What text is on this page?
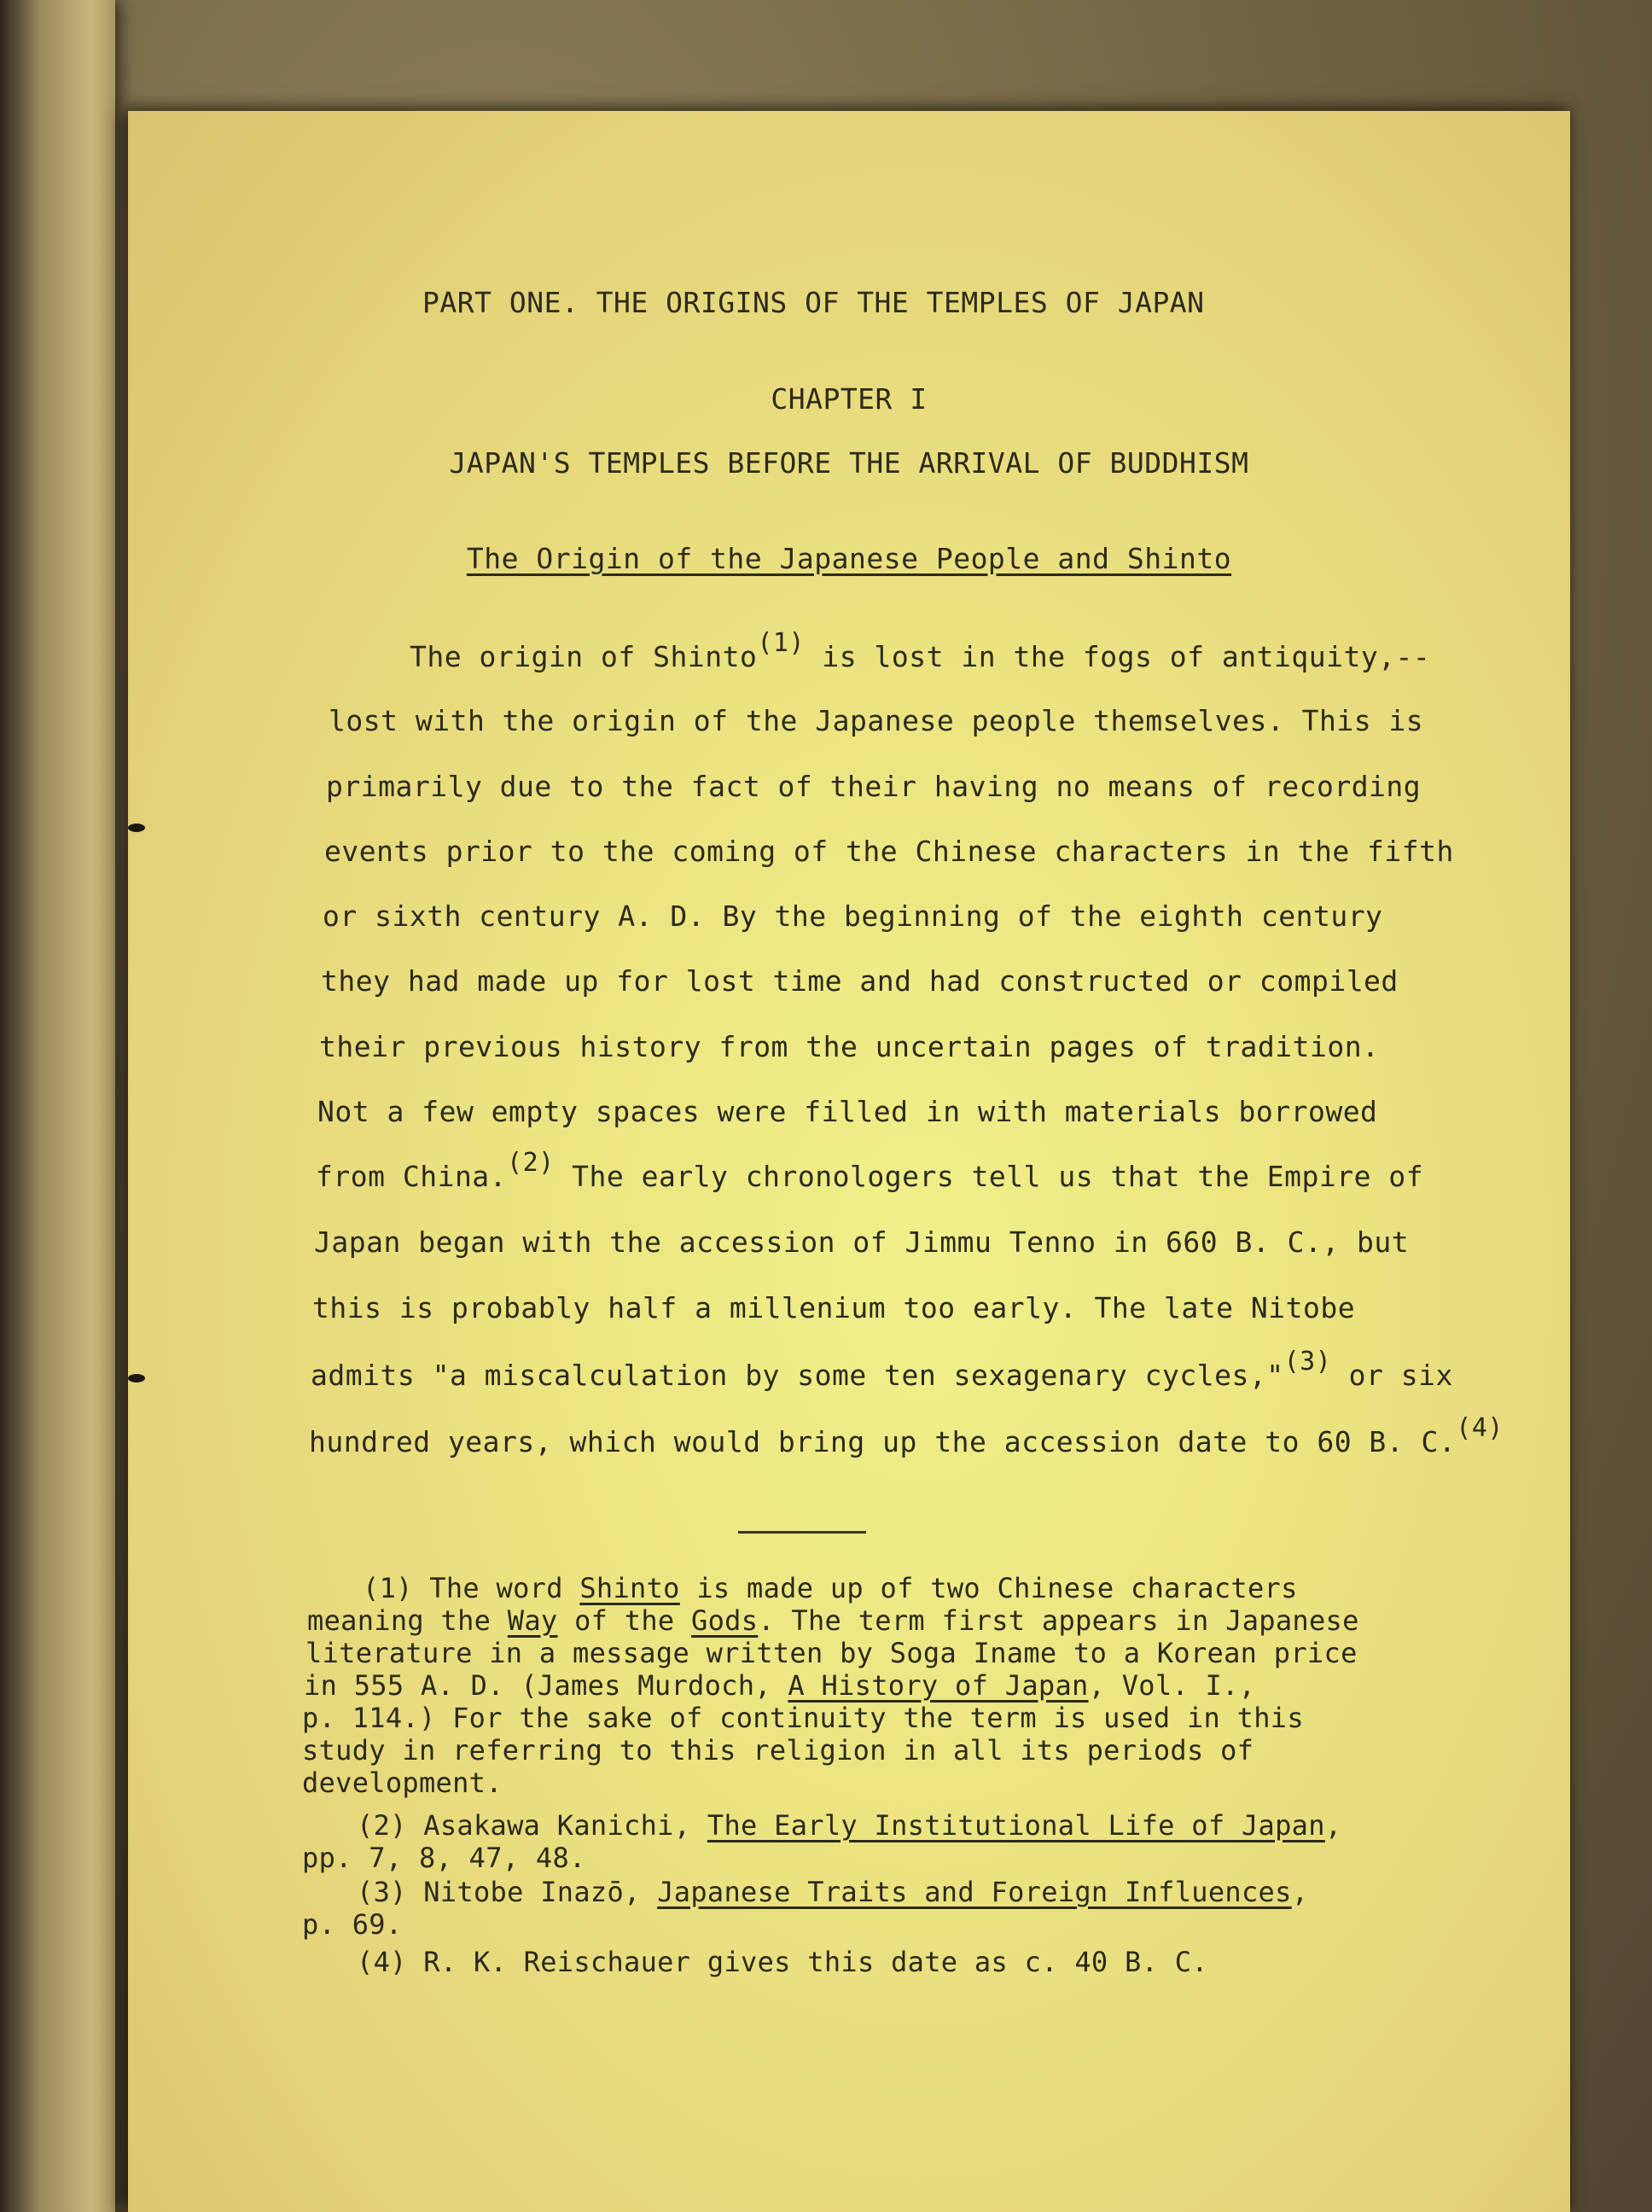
PART ONE. THE ORIGINS OF THE TEMPLES OF JAPAN
CHAPTER I
JAPAN'S TEMPLES BEFORE THE ARRIVAL OF BUDDHISM
The Origin of the Japanese People and Shinto
The origin of Shinto(1) is lost in the fogs of antiquity,--
lost with the origin of the Japanese people themselves. This is
primarily due to the fact of their having no means of recording
events prior to the coming of the Chinese characters in the fifth
or sixth century A. D. By the beginning of the eighth century
they had made up for lost time and had constructed or compiled
their previous history from the uncertain pages of tradition.
Not a few empty spaces were filled in with materials borrowed
from China.(2) The early chronologers tell us that the Empire of
Japan began with the accession of Jimmu Tenno in 660 B. C., but
this is probably half a millenium too early. The late Nitobe
admits "a miscalculation by some ten sexagenary cycles,"(3) or six
hundred years, which would bring up the accession date to 60 B. C.(4)
(1) The word Shinto is made up of two Chinese characters
meaning the Way of the Gods. The term first appears in Japanese
literature in a message written by Soga Iname to a Korean price
in 555 A. D. (James Murdoch, A History of Japan, Vol. I.,
p. 114.) For the sake of continuity the term is used in this
study in referring to this religion in all its periods of
development.
(2) Asakawa Kanichi, The Early Institutional Life of Japan,
pp. 7, 8, 47, 48.
(3) Nitobe Inazō, Japanese Traits and Foreign Influences,
p. 69.
(4) R. K. Reischauer gives this date as c. 40 B. C.
